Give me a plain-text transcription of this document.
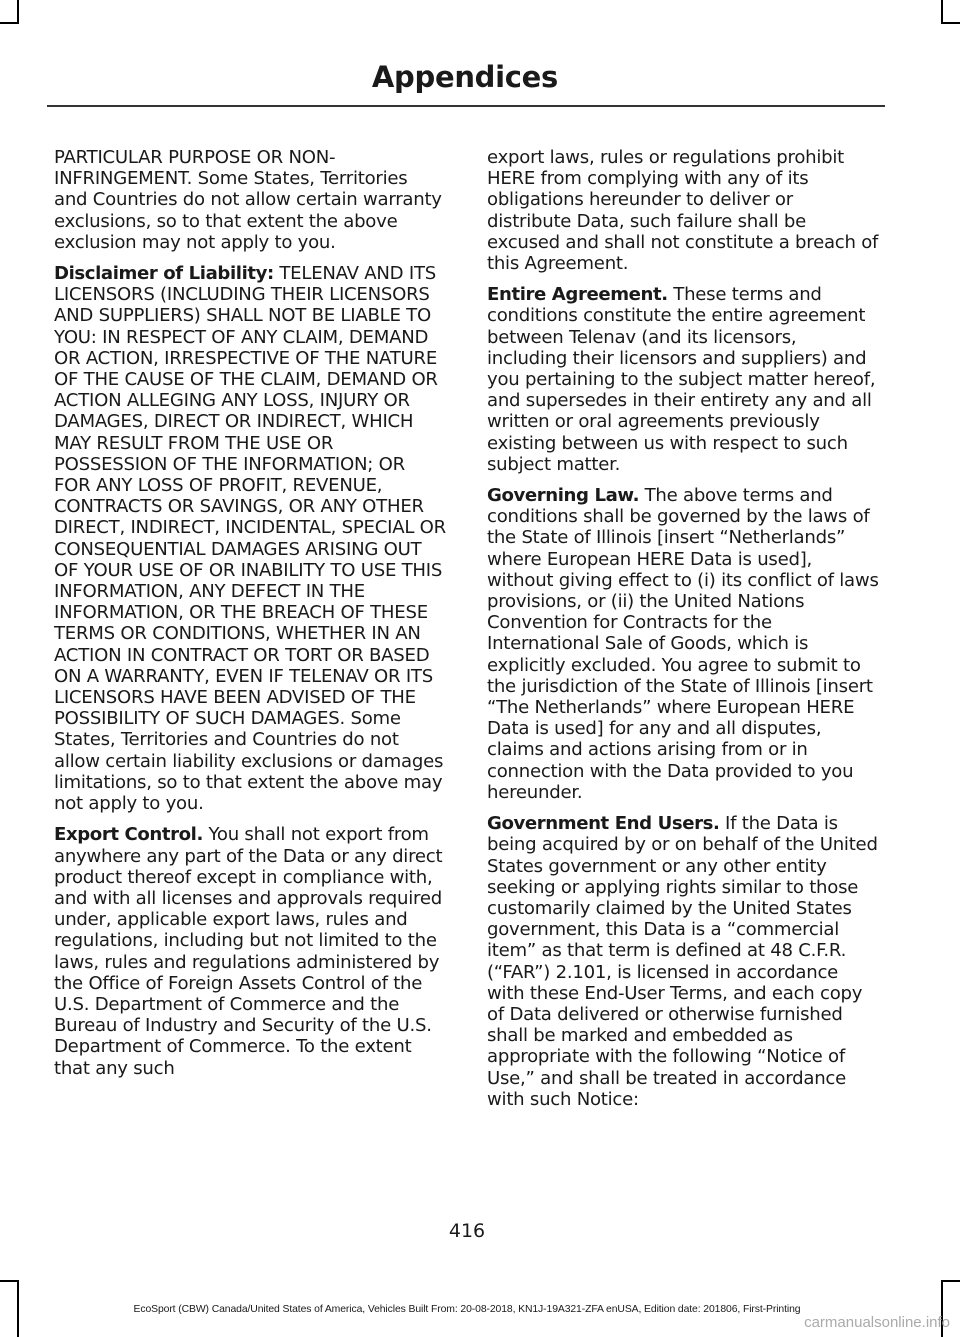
Appendices

PARTICULAR PURPOSE OR NON-INFRINGEMENT. Some States, Territories and Countries do not allow certain warranty exclusions, so to that extent the above exclusion may not apply to you.

Disclaimer of Liability: TELENAV AND ITS LICENSORS (INCLUDING THEIR LICENSORS AND SUPPLIERS) SHALL NOT BE LIABLE TO YOU: IN RESPECT OF ANY CLAIM, DEMAND OR ACTION, IRRESPECTIVE OF THE NATURE OF THE CAUSE OF THE CLAIM, DEMAND OR ACTION ALLEGING ANY LOSS, INJURY OR DAMAGES, DIRECT OR INDIRECT, WHICH MAY RESULT FROM THE USE OR POSSESSION OF THE INFORMATION; OR FOR ANY LOSS OF PROFIT, REVENUE, CONTRACTS OR SAVINGS, OR ANY OTHER DIRECT, INDIRECT, INCIDENTAL, SPECIAL OR CONSEQUENTIAL DAMAGES ARISING OUT OF YOUR USE OF OR INABILITY TO USE THIS INFORMATION, ANY DEFECT IN THE INFORMATION, OR THE BREACH OF THESE TERMS OR CONDITIONS, WHETHER IN AN ACTION IN CONTRACT OR TORT OR BASED ON A WARRANTY, EVEN IF TELENAV OR ITS LICENSORS HAVE BEEN ADVISED OF THE POSSIBILITY OF SUCH DAMAGES. Some States, Territories and Countries do not allow certain liability exclusions or damages limitations, so to that extent the above may not apply to you.

Export Control. You shall not export from anywhere any part of the Data or any direct product thereof except in compliance with, and with all licenses and approvals required under, applicable export laws, rules and regulations, including but not limited to the laws, rules and regulations administered by the Office of Foreign Assets Control of the U.S. Department of Commerce and the Bureau of Industry and Security of the U.S. Department of Commerce. To the extent that any such

export laws, rules or regulations prohibit HERE from complying with any of its obligations hereunder to deliver or distribute Data, such failure shall be excused and shall not constitute a breach of this Agreement.

Entire Agreement. These terms and conditions constitute the entire agreement between Telenav (and its licensors, including their licensors and suppliers) and you pertaining to the subject matter hereof, and supersedes in their entirety any and all written or oral agreements previously existing between us with respect to such subject matter.

Governing Law. The above terms and conditions shall be governed by the laws of the State of Illinois [insert “Netherlands” where European HERE Data is used], without giving effect to (i) its conflict of laws provisions, or (ii) the United Nations Convention for Contracts for the International Sale of Goods, which is explicitly excluded. You agree to submit to the jurisdiction of the State of Illinois [insert “The Netherlands” where European HERE Data is used] for any and all disputes, claims and actions arising from or in connection with the Data provided to you hereunder.

Government End Users. If the Data is being acquired by or on behalf of the United States government or any other entity seeking or applying rights similar to those customarily claimed by the United States government, this Data is a “commercial item” as that term is defined at 48 C.F.R. (“FAR”) 2.101, is licensed in accordance with these End-User Terms, and each copy of Data delivered or otherwise furnished shall be marked and embedded as appropriate with the following “Notice of Use,” and shall be treated in accordance with such Notice:

416
EcoSport (CBW) Canada/United States of America, Vehicles Built From: 20-08-2018, KN1J-19A321-ZFA enUSA, Edition date: 201806, First-Printing
carmanualsonline.info
